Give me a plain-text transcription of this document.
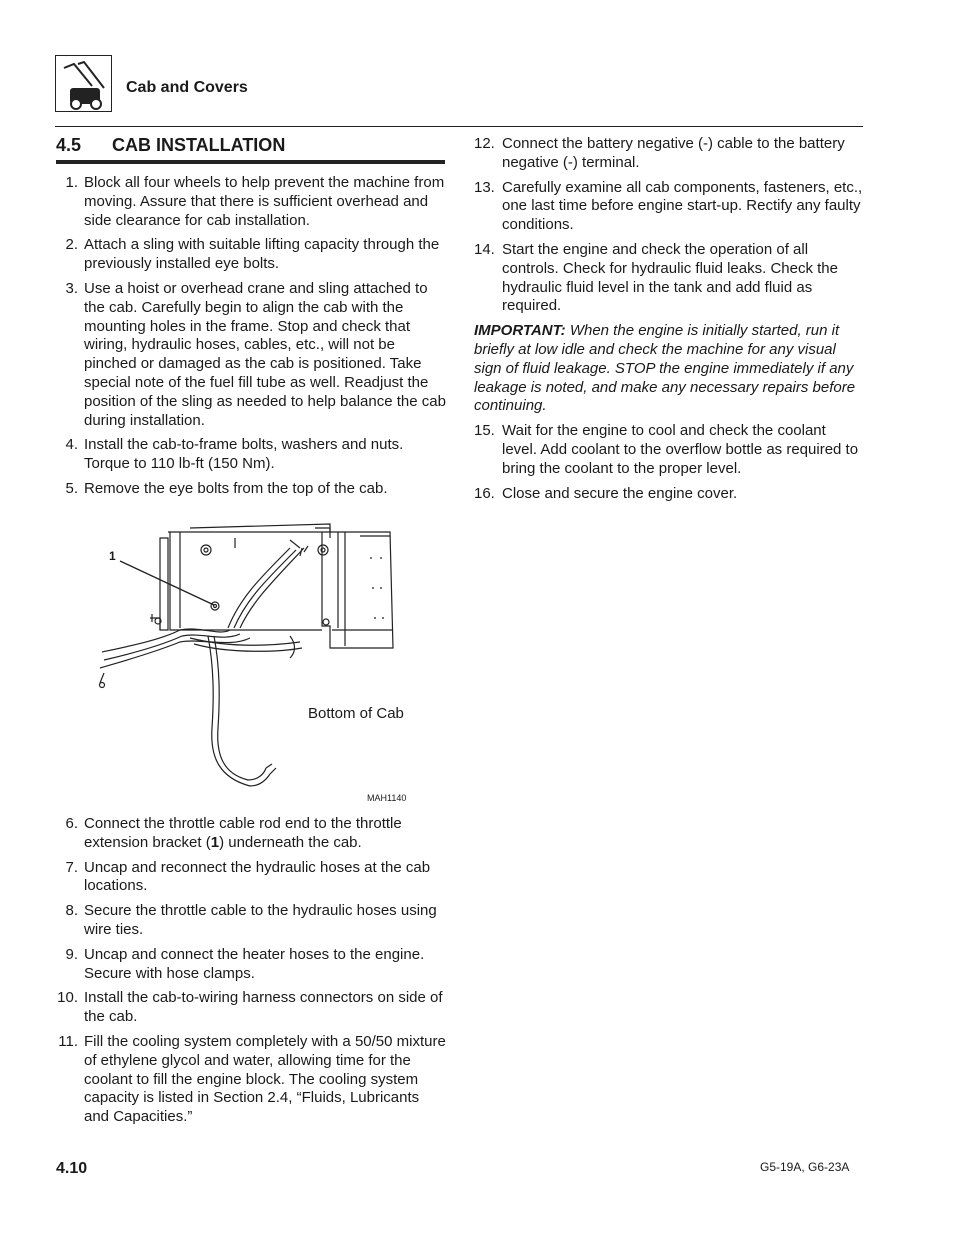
Cab and Covers
4.5 CAB INSTALLATION
1. Block all four wheels to help prevent the machine from moving. Assure that there is sufficient overhead and side clearance for cab installation.
2. Attach a sling with suitable lifting capacity through the previously installed eye bolts.
3. Use a hoist or overhead crane and sling attached to the cab. Carefully begin to align the cab with the mounting holes in the frame. Stop and check that wiring, hydraulic hoses, cables, etc., will not be pinched or damaged as the cab is positioned. Take special note of the fuel fill tube as well. Readjust the position of the sling as needed to help balance the cab during installation.
4. Install the cab-to-frame bolts, washers and nuts. Torque to 110 lb-ft (150 Nm).
5. Remove the eye bolts from the top of the cab.
1
Bottom of Cab
MAH1140
6. Connect the throttle cable rod end to the throttle extension bracket (1) underneath the cab.
7. Uncap and reconnect the hydraulic hoses at the cab locations.
8. Secure the throttle cable to the hydraulic hoses using wire ties.
9. Uncap and connect the heater hoses to the engine. Secure with hose clamps.
10. Install the cab-to-wiring harness connectors on side of the cab.
11. Fill the cooling system completely with a 50/50 mixture of ethylene glycol and water, allowing time for the coolant to fill the engine block. The cooling system capacity is listed in Section 2.4, “Fluids, Lubricants and Capacities.”
12. Connect the battery negative (-) cable to the battery negative (-) terminal.
13. Carefully examine all cab components, fasteners, etc., one last time before engine start-up. Rectify any faulty conditions.
14. Start the engine and check the operation of all controls. Check for hydraulic fluid leaks. Check the hydraulic fluid level in the tank and add fluid as required.

IMPORTANT: When the engine is initially started, run it briefly at low idle and check the machine for any visual sign of fluid leakage. STOP the engine immediately if any leakage is noted, and make any necessary repairs before continuing.

15. Wait for the engine to cool and check the coolant level. Add coolant to the overflow bottle as required to bring the coolant to the proper level.
16. Close and secure the engine cover.
4.10	G5-19A, G6-23A
